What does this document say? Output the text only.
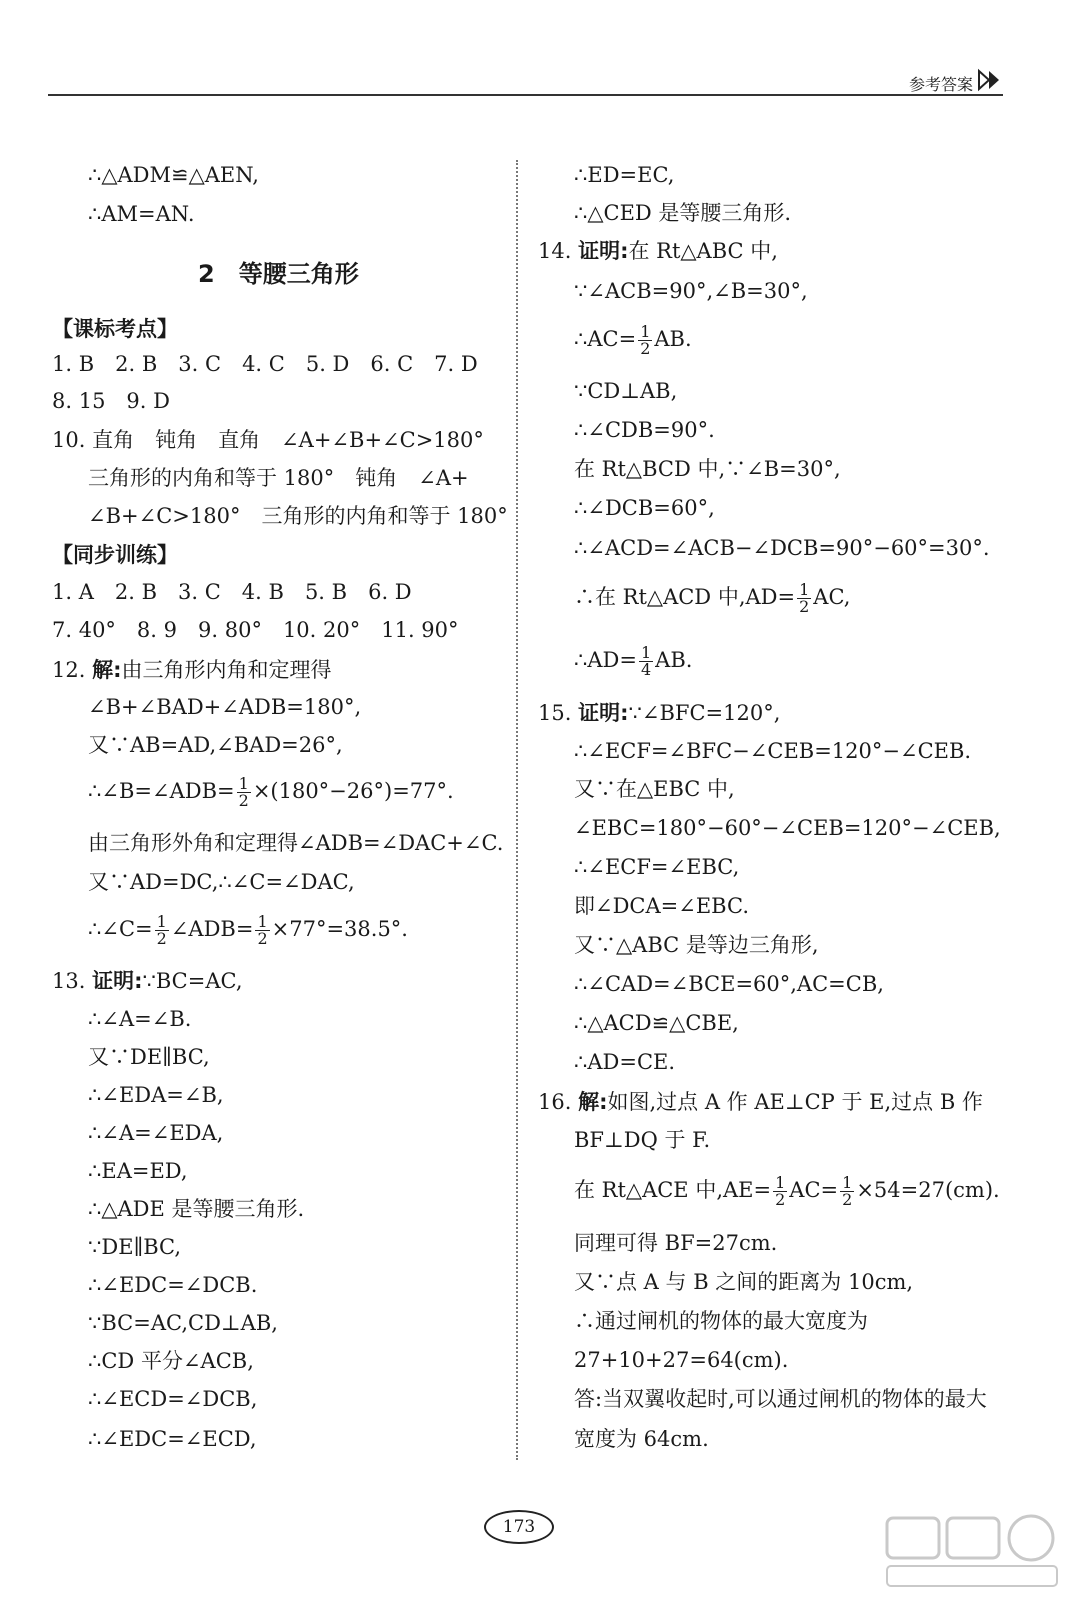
参考答案
∴△ADM≌△AEN,
∴AM=AN.
2　等腰三角形
【课标考点】
1. B　2. B　3. C　4. C　5. D　6. C　7. D
8. 15　9. D
10. 直角　钝角　直角　∠A+∠B+∠C>180°
三角形的内角和等于 180°　钝角　∠A+
∠B+∠C>180°　三角形的内角和等于 180°
【同步训练】
1. A　2. B　3. C　4. B　5. B　6. D
7. 40°　8. 9　9. 80°　10. 20°　11. 90°
12. 解:由三角形内角和定理得
∠B+∠BAD+∠ADB=180°,
又∵AB=AD,∠BAD=26°,
∴∠B=∠ADB= $\frac{1}{2} \times(180^\circ-26^\circ)=77^\circ$.
由三角形外角和定理得∠ADB=∠DAC+∠C.
又∵AD=DC,∴∠C=∠DAC,
∴∠C= $\frac{1}{2}$ ∠ADB= $\frac{1}{2} \times 77^\circ=38.5^\circ$.
13. 证明:∵BC=AC,
∴∠A=∠B.
又∵DE∥BC,
∴∠EDA=∠B,
∴∠A=∠EDA,
∴EA=ED,
∴△ADE 是等腰三角形.
∵DE∥BC,
∴∠EDC=∠DCB.
∵BC=AC,CD⊥AB,
∴CD 平分∠ACB,
∴∠ECD=∠DCB,
∴∠EDC=∠ECD,
∴ED=EC,
∴△CED 是等腰三角形.
14. 证明:在 Rt△ABC 中,
∵∠ACB=90°,∠B=30°,
∴AC= $\frac{1}{2}$ AB.
∵CD⊥AB,
∴∠CDB=90°.
在 Rt△BCD 中,∵∠B=30°,
∴∠DCB=60°,
∴∠ACD=∠ACB−∠DCB=90°−60°=30°.
∴在 Rt△ACD 中$,AD= \frac{1}{2}$ AC,
∴AD= $\frac{1}{4}$ AB.
15. 证明:∵∠BFC=120°,
∴∠ECF=∠BFC−∠CEB=120°−∠CEB.
又∵在△EBC 中,
∠EBC=180°−60°−∠CEB=120°−∠CEB,
∴∠ECF=∠EBC,
即∠DCA=∠EBC.
又∵△ABC 是等边三角形,
∴∠CAD=∠BCE=60°,AC=CB,
∴△ACD≌△CBE,
∴AD=CE.
16. 解:如图,过点 A 作 AE⊥CP 于 E,过点 B 作
BF⊥DQ 于 F.
在 Rt△ACE 中$,AE= \frac{1}{2} AC= \frac{1}{2} \times 54=27(cm)$.
同理可得 BF=27cm.
又∵点 A 与 B 之间的距离为 10cm,
∴通过闸机的物体的最大宽度为
27+10+27=64(cm).
答:当双翼收起时,可以通过闸机的物体的最大
宽度为 64cm.
173
